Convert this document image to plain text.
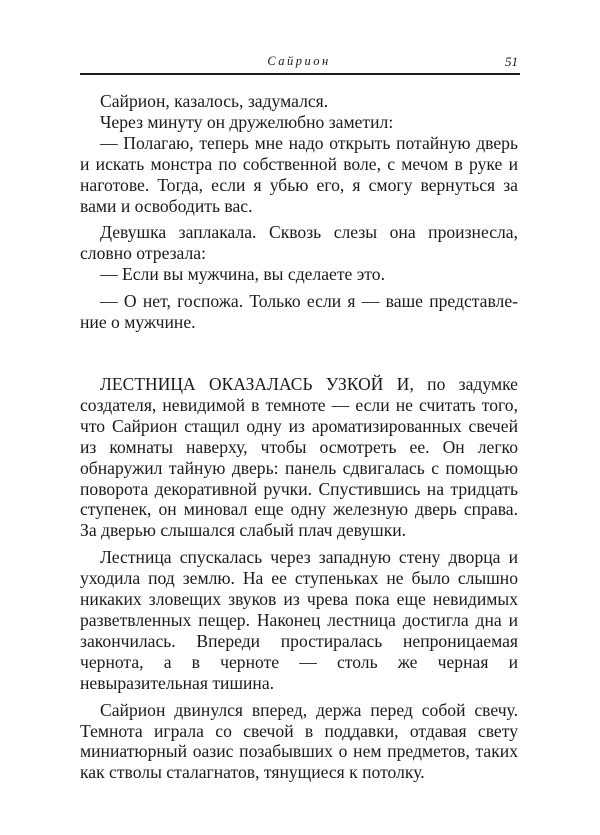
Сайрион	51

Сайрион, казалось, задумался.

Через минуту он дружелюбно заметил:

— Полагаю, теперь мне надо открыть потайную дверь и искать монстра по собственной воле, с мечом в руке и наготове. Тогда, если я убью его, я смогу вернуться за вами и освободить вас.

Девушка заплакала. Сквозь слезы она произнесла, словно отрезала:

— Если вы мужчина, вы сделаете это.

— О нет, госпожа. Только если я — ваше представле-ние о мужчине.

ЛЕСТНИЦА ОКАЗАЛАСЬ УЗКОЙ И, по задумке создателя, невидимой в темноте — если не считать того, что Сайрион стащил одну из ароматизированных свечей из комнаты наверху, чтобы осмотреть ее. Он легко обнаружил тайную дверь: панель сдвигалась с помощью поворота декоративной ручки. Спустившись на тридцать ступенек, он миновал еще одну железную дверь справа. За дверью слышался слабый плач девушки.

Лестница спускалась через западную стену дворца и уходила под землю. На ее ступеньках не было слышно никаких зловещих звуков из чрева пока еще невидимых разветвленных пещер. Наконец лестница достигла дна и закончилась. Впереди простиралась непроницаемая чернота, а в черноте — столь же черная и невыразительная тишина.

Сайрион двинулся вперед, держа перед собой свечу. Темнота играла со свечой в поддавки, отдавая свету миниатюрный оазис позабывших о нем предметов, таких как стволы сталагнатов, тянущиеся к потолку.
